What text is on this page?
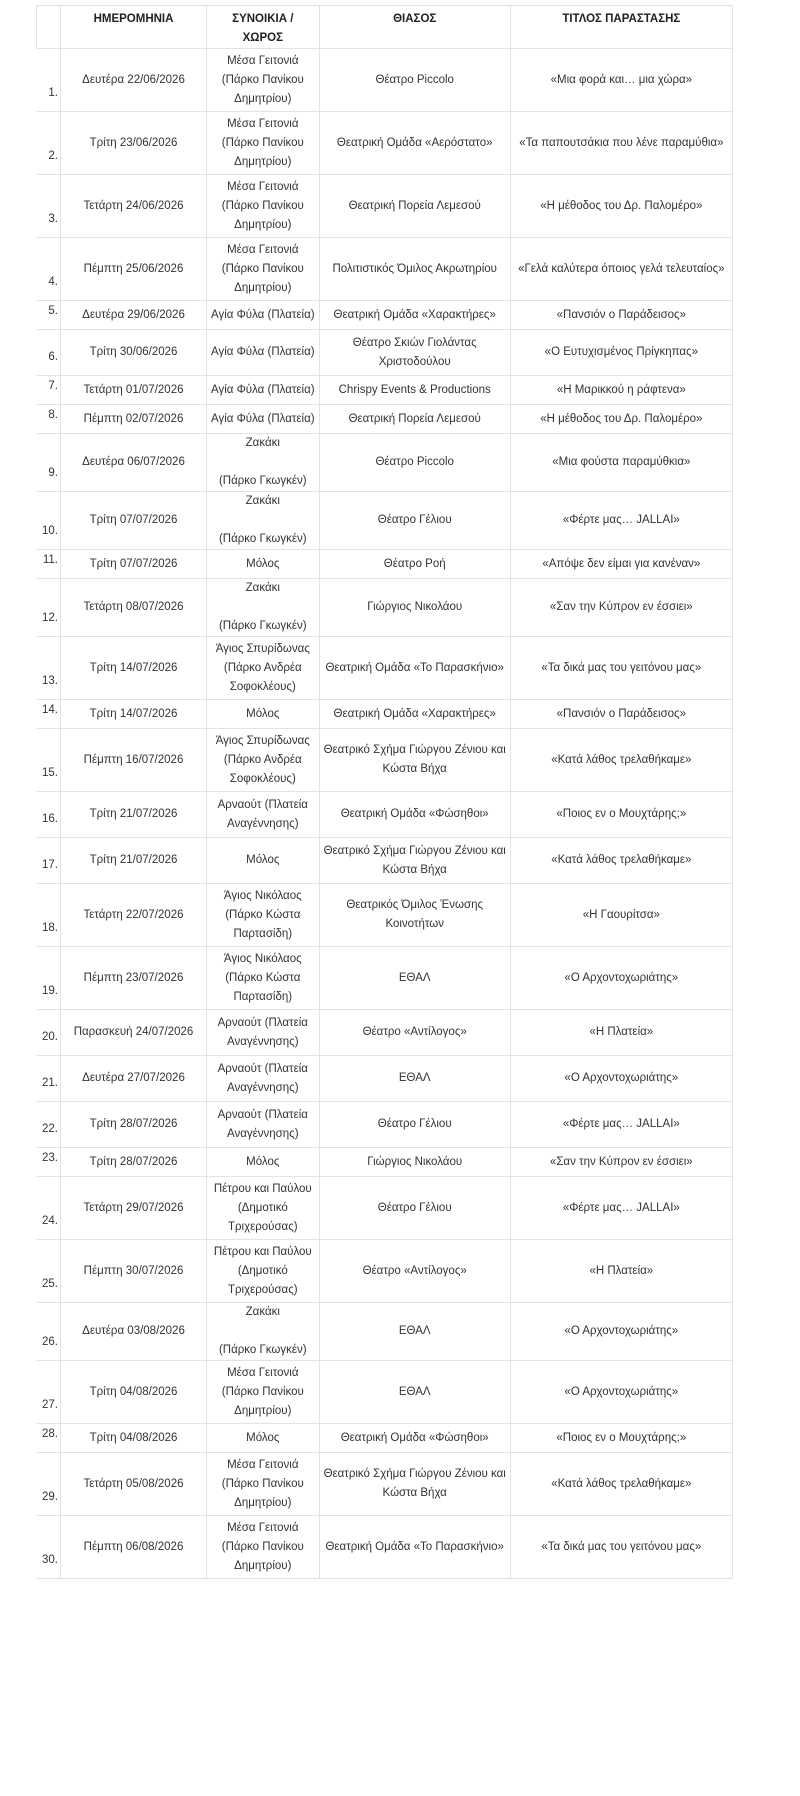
	ΗΜΕΡΟΜΗΝΙΑ	ΣΥΝΟΙΚΙΑ / ΧΩΡΟΣ	ΘΙΑΣΟΣ	ΤΙΤΛΟΣ ΠΑΡΑΣΤΑΣΗΣ
1.	Δευτέρα 22/06/2026	Μέσα Γειτονιά
(Πάρκο Πανίκου
Δημητρίου)	Θέατρο Piccolo	«Μια φορά και… μια χώρα»

2.	Τρίτη 23/06/2026	Μέσα Γειτονιά
(Πάρκο Πανίκου
Δημητρίου)	Θεατρική Ομάδα «Αερόστατο»	«Τα παπουτσάκια που λένε παραμύθια»

3.	Τετάρτη 24/06/2026	Μέσα Γειτονιά
(Πάρκο Πανίκου
Δημητρίου)	Θεατρική Πορεία Λεμεσού	«Η μέθοδος του Δρ. Παλομέρο»

4.	Πέμπτη 25/06/2026	Μέσα Γειτονιά
(Πάρκο Πανίκου
Δημητρίου)	Πολιτιστικός Όμιλος Ακρωτηρίου	«Γελά καλύτερα όποιος γελά τελευταίος»

5.	Δευτέρα 29/06/2026	Αγία Φύλα (Πλατεία)	Θεατρική Ομάδα «Χαρακτήρες»	«Πανσιόν ο Παράδεισος»

6.	Τρίτη 30/06/2026	Αγία Φύλα (Πλατεία)	Θέατρο Σκιών Γιολάντας
Χριστοδούλου	«Ο Ευτυχισμένος Πρίγκηπας»

7.	Τετάρτη 01/07/2026	Αγία Φύλα (Πλατεία)	Chrispy Events & Productions	«Η Μαρικκού η ράφτενα»

8.	Πέμπτη 02/07/2026	Αγία Φύλα (Πλατεία)	Θεατρική Πορεία Λεμεσού	«Η μέθοδος του Δρ. Παλομέρο»

9.	Δευτέρα 06/07/2026	Ζακάκι

(Πάρκο Γκωγκέν)	Θέατρο Piccolo	«Μια φούστα παραμύθκια»

10.	Τρίτη 07/07/2026	Ζακάκι

(Πάρκο Γκωγκέν)	Θέατρο Γέλιου	«Φέρτε μας… JALLAI»

11.	Τρίτη 07/07/2026	Μόλος	Θέατρο Ροή	«Απόψε δεν είμαι για κανέναν»

12.	Τετάρτη 08/07/2026	Ζακάκι

(Πάρκο Γκωγκέν)	Γιώργιος Νικολάου	«Σαν την Κύπρον εν έσσιει»

13.	Τρίτη 14/07/2026	Άγιος Σπυρίδωνας
(Πάρκο Ανδρέα
Σοφοκλέους)	Θεατρική Ομάδα «Το Παρασκήνιο»	«Τα δικά μας του γειτόνου μας»

14.	Τρίτη 14/07/2026	Μόλος	Θεατρική Ομάδα «Χαρακτήρες»	«Πανσιόν ο Παράδεισος»

15.	Πέμπτη 16/07/2026	Άγιος Σπυρίδωνας
(Πάρκο Ανδρέα
Σοφοκλέους)	Θεατρικό Σχήμα Γιώργου Ζένιου και
Κώστα Βήχα	«Κατά λάθος τρελαθήκαμε»

16.	Τρίτη 21/07/2026	Αρναούτ (Πλατεία
Αναγέννησης)	Θεατρική Ομάδα «Φώσηθοι»	«Ποιος εν ο Μουχτάρης;»

17.	Τρίτη 21/07/2026	Μόλος	Θεατρικό Σχήμα Γιώργου Ζένιου και
Κώστα Βήχα	«Κατά λάθος τρελαθήκαμε»

18.	Τετάρτη 22/07/2026	Άγιος Νικόλαος
(Πάρκο Κώστα
Παρτασίδη)	Θεατρικός Όμιλος Ένωσης
Κοινοτήτων	«Η Γαουρίτσα»

19.	Πέμπτη 23/07/2026	Άγιος Νικόλαος
(Πάρκο Κώστα
Παρτασίδη)	ΕΘΑΛ	«Ο Αρχοντοχωριάτης»

20.	Παρασκευή 24/07/2026	Αρναούτ (Πλατεία
Αναγέννησης)	Θέατρο «Αντίλογος»	«Η Πλατεία»

21.	Δευτέρα 27/07/2026	Αρναούτ (Πλατεία
Αναγέννησης)	ΕΘΑΛ	«Ο Αρχοντοχωριάτης»

22.	Τρίτη 28/07/2026	Αρναούτ (Πλατεία
Αναγέννησης)	Θέατρο Γέλιου	«Φέρτε μας… JALLAI»

23.	Τρίτη 28/07/2026	Μόλος	Γιώργιος Νικολάου	«Σαν την Κύπρον εν έσσιει»

24.	Τετάρτη 29/07/2026	Πέτρου και Παύλου
(Δημοτικό
Τριχερούσας)	Θέατρο Γέλιου	«Φέρτε μας… JALLAI»

25.	Πέμπτη 30/07/2026	Πέτρου και Παύλου
(Δημοτικό
Τριχερούσας)	Θέατρο «Αντίλογος»	«Η Πλατεία»

26.	Δευτέρα 03/08/2026	Ζακάκι

(Πάρκο Γκωγκέν)	ΕΘΑΛ	«Ο Αρχοντοχωριάτης»

27.	Τρίτη 04/08/2026	Μέσα Γειτονιά
(Πάρκο Πανίκου
Δημητρίου)	ΕΘΑΛ	«Ο Αρχοντοχωριάτης»

28.	Τρίτη 04/08/2026	Μόλος	Θεατρική Ομάδα «Φώσηθοι»	«Ποιος εν ο Μουχτάρης;»

29.	Τετάρτη 05/08/2026	Μέσα Γειτονιά
(Πάρκο Πανίκου
Δημητρίου)	Θεατρικό Σχήμα Γιώργου Ζένιου και
Κώστα Βήχα	«Κατά λάθος τρελαθήκαμε»

30.	Πέμπτη 06/08/2026	Μέσα Γειτονιά
(Πάρκο Πανίκου
Δημητρίου)	Θεατρική Ομάδα «Το Παρασκήνιο»	«Τα δικά μας του γειτόνου μας»
